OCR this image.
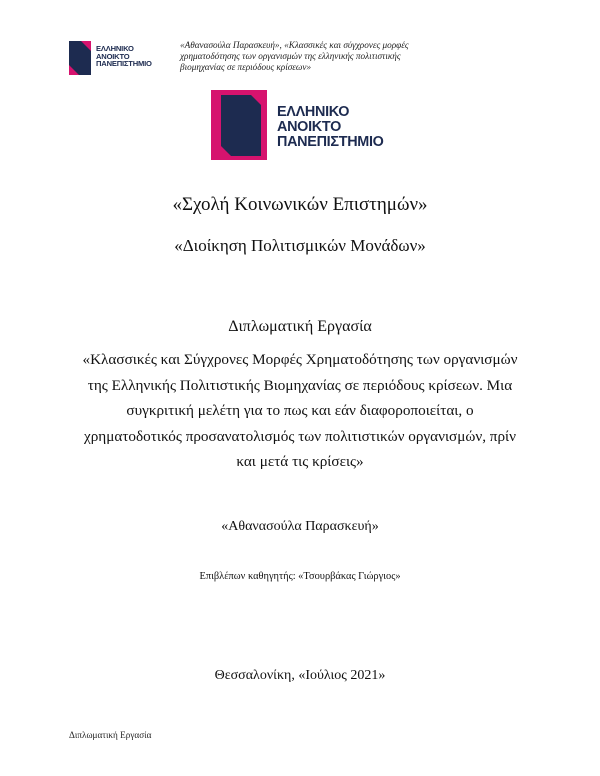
ΕΛΛΗΝΙΚΟ
ΑΝΟΙΚΤΟ
ΠΑΝΕΠΙΣΤΗΜΙΟ
«Αθανασούλα Παρασκευή», «Κλασσικές και σύγχρονες μορφές
χρηματοδότησης των οργανισμών της ελληνικής πολιτιστικής
βιομηχανίας σε περιόδους κρίσεων»
ΕΛΛΗΝΙΚΟ
ΑΝΟΙΚΤΟ
ΠΑΝΕΠΙΣΤΗΜΙΟ
«Σχολή Κοινωνικών Επιστημών»
«Διοίκηση Πολιτισμικών Μονάδων»
Διπλωματική Εργασία
«Κλασσικές και Σύγχρονες Μορφές Χρηματοδότησης των οργανισμών
της Ελληνικής Πολιτιστικής Βιομηχανίας σε περιόδους κρίσεων. Μια
συγκριτική μελέτη για το πως και εάν διαφοροποιείται, ο
χρηματοδοτικός προσανατολισμός των πολιτιστικών οργανισμών, πρίν
και μετά τις κρίσεις»
«Αθανασούλα Παρασκευή»
Επιβλέπων καθηγητής: «Τσουρβάκας Γιώργιος»
Θεσσαλονίκη, «Ιούλιος 2021»
Διπλωματική Εργασία
